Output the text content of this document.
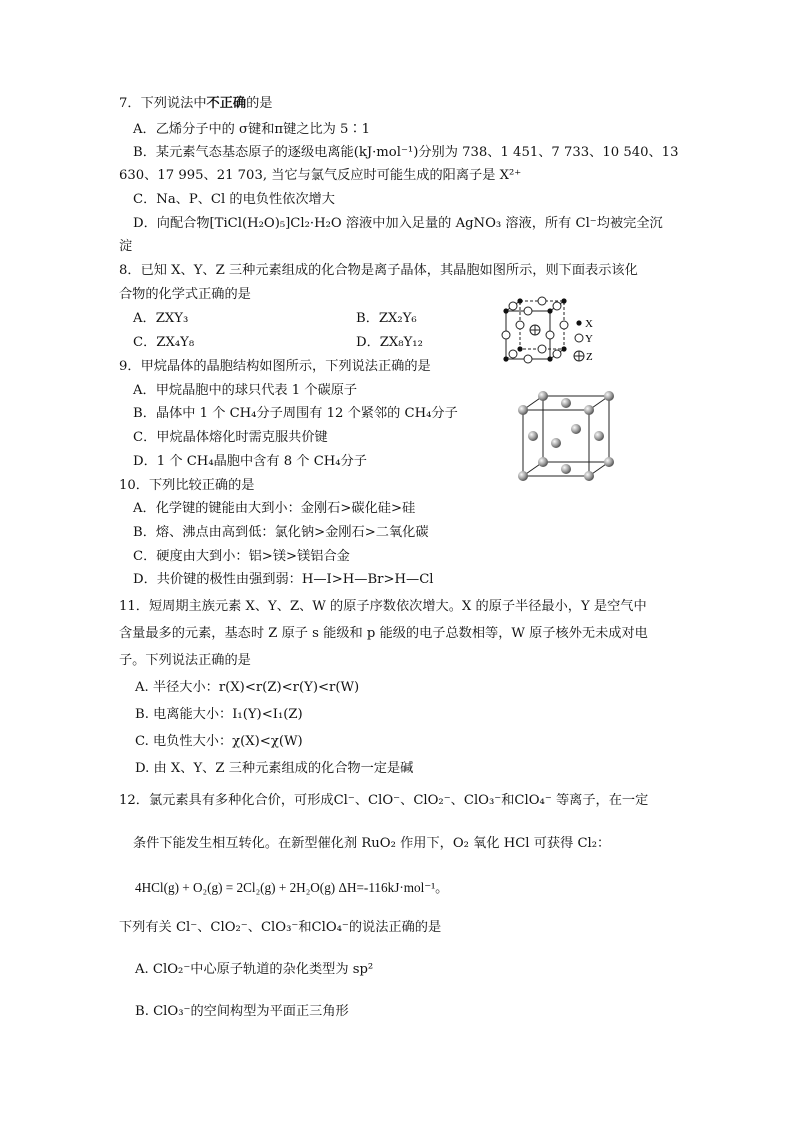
7．下列说法中不正确的是
A．乙烯分子中的 σ键和π键之比为 5∶1
B．某元素气态基态原子的逐级电离能(kJ·mol⁻¹)分别为 738、1 451、7 733、10 540、13
630、17 995、21 703, 当它与氯气反应时可能生成的阳离子是 X²⁺
C．Na、P、Cl 的电负性依次增大
D．向配合物[TiCl(H₂O)₅]Cl₂·H₂O 溶液中加入足量的 AgNO₃ 溶液，所有 Cl⁻均被完全沉
淀
8．已知 X、Y、Z 三种元素组成的化合物是离子晶体，其晶胞如图所示，则下面表示该化
合物的化学式正确的是
A．ZXY₃	B．ZX₂Y₆
C．ZX₄Y₈	D．ZX₈Y₁₂
X
Y
Z
9．甲烷晶体的晶胞结构如图所示，下列说法正确的是
A．甲烷晶胞中的球只代表 1 个碳原子
B．晶体中 1 个 CH₄分子周围有 12 个紧邻的 CH₄分子
C．甲烷晶体熔化时需克服共价键
D．1 个 CH₄晶胞中含有 8 个 CH₄分子
10．下列比较正确的是
A．化学键的键能由大到小：金刚石>碳化硅>硅
B．熔、沸点由高到低：氯化钠>金刚石>二氧化碳
C．硬度由大到小：铝>镁>镁铝合金
D．共价键的极性由强到弱：H—I>H—Br>H—Cl
11．短周期主族元素 X、Y、Z、W 的原子序数依次增大。X 的原子半径最小，Y 是空气中
含量最多的元素，基态时 Z 原子 s 能级和 p 能级的电子总数相等，W 原子核外无未成对电
子。下列说法正确的是
A. 半径大小：r(X)<r(Z)<r(Y)<r(W)
B. 电离能大小：I₁(Y)<I₁(Z)
C. 电负性大小：χ(X)<χ(W)
D. 由 X、Y、Z 三种元素组成的化合物一定是碱
12．氯元素具有多种化合价，可形成Cl⁻、ClO⁻、ClO₂⁻、ClO₃⁻和ClO₄⁻ 等离子，在一定
条件下能发生相互转化。在新型催化剂 RuO₂ 作用下，O₂ 氧化 HCl 可获得 Cl₂：
4HCl(g) + O₂(g) = 2Cl₂(g) + 2H₂O(g) ΔH=-116kJ·mol⁻¹。
下列有关 Cl⁻、ClO₂⁻、ClO₃⁻和ClO₄⁻的说法正确的是
A. ClO₂⁻中心原子轨道的杂化类型为 sp²
B. ClO₃⁻的空间构型为平面正三角形
